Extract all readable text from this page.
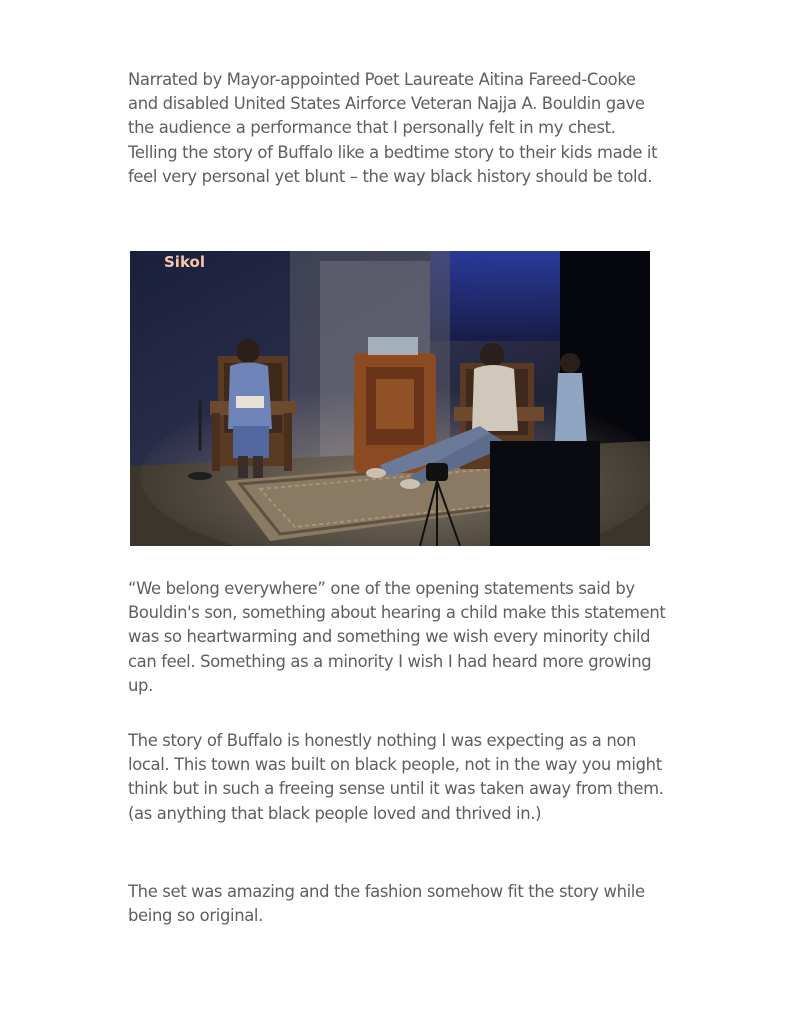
Narrated by Mayor-appointed Poet Laureate Aitina Fareed-Cooke and disabled United States Airforce Veteran Najja A. Bouldin gave the audience a performance that I personally felt in my chest. Telling the story of Buffalo like a bedtime story to their kids made it feel very personal yet blunt – the way black history should be told.

Sikol

“We belong everywhere” one of the opening statements said by Bouldin's son, something about hearing a child make this statement was so heartwarming and something we wish every minority child can feel. Something as a minority I wish I had heard more growing up.

The story of Buffalo is honestly nothing I was expecting as a non local. This town was built on black people, not in the way you might think but in such a freeing sense until it was taken away from them. (as anything that black people loved and thrived in.)

The set was amazing and the fashion somehow fit the story while being so original.
